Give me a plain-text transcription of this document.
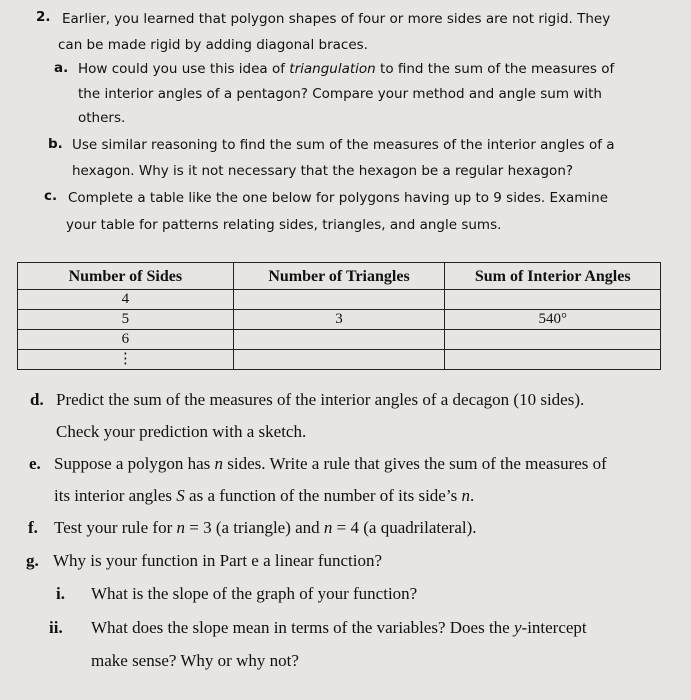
2. Earlier, you learned that polygon shapes of four or more sides are not rigid. They
can be made rigid by adding diagonal braces.
a. How could you use this idea of triangulation to find the sum of the measures of
the interior angles of a pentagon? Compare your method and angle sum with
others.
b. Use similar reasoning to find the sum of the measures of the interior angles of a
hexagon. Why is it not necessary that the hexagon be a regular hexagon?
c. Complete a table like the one below for polygons having up to 9 sides. Examine
your table for patterns relating sides, triangles, and angle sums.
Number of Sides	Number of Triangles	Sum of Interior Angles
4		
5	3	540°
6		
⋮		
d. Predict the sum of the measures of the interior angles of a decagon (10 sides).
Check your prediction with a sketch.
e. Suppose a polygon has n sides. Write a rule that gives the sum of the measures of
its interior angles S as a function of the number of its side’s n.
f. Test your rule for n = 3 (a triangle) and n = 4 (a quadrilateral).
g. Why is your function in Part e a linear function?
i. What is the slope of the graph of your function?
ii. What does the slope mean in terms of the variables? Does the y-intercept
make sense? Why or why not?
